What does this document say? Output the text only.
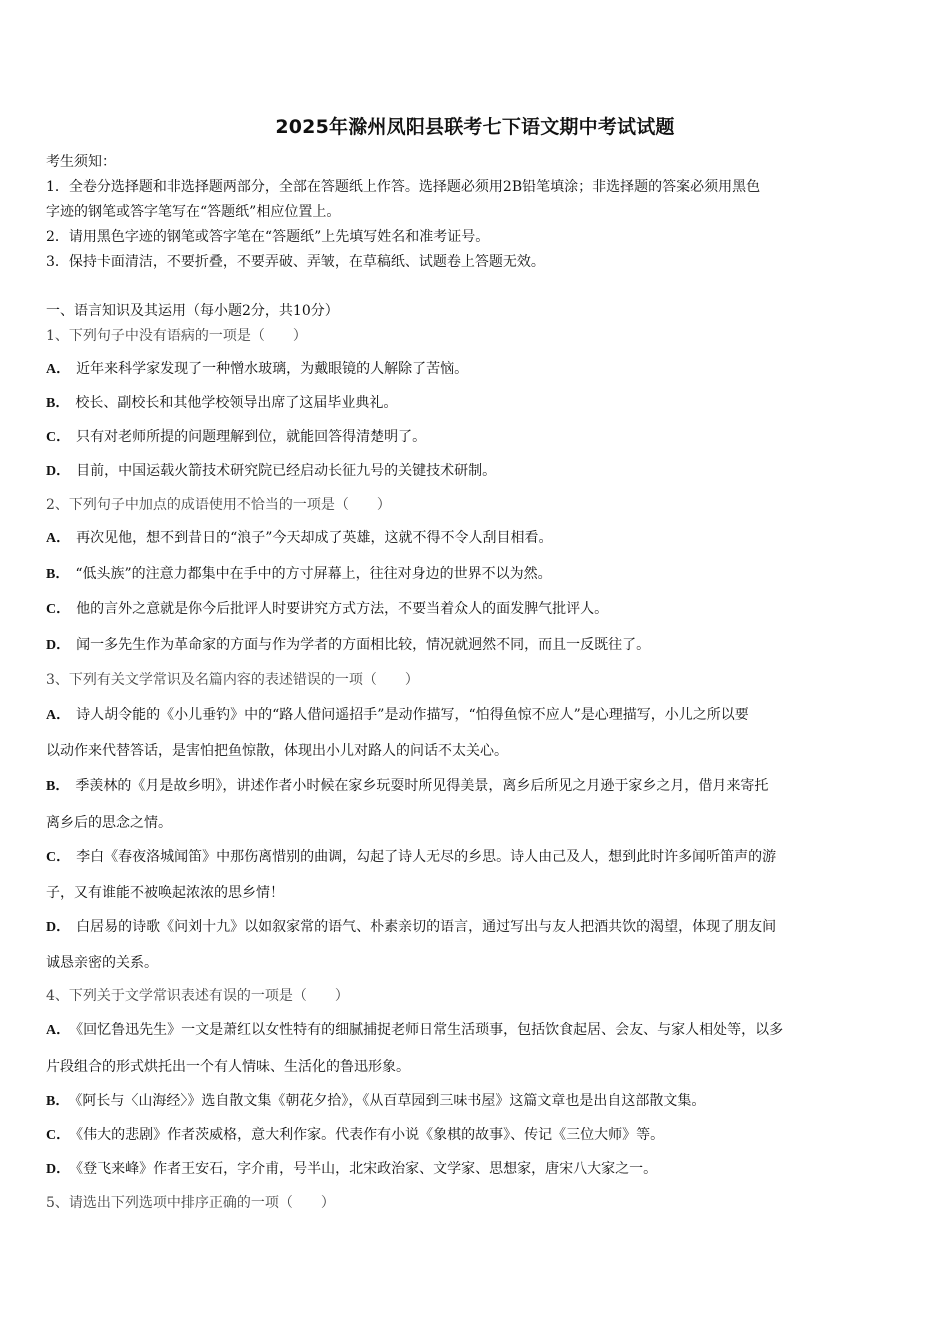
2025年滁州凤阳县联考七下语文期中考试试题
考生须知：
1．全卷分选择题和非选择题两部分，全部在答题纸上作答。选择题必须用2B铅笔填涂；非选择题的答案必须用黑色
字迹的钢笔或答字笔写在“答题纸”相应位置上。
2．请用黑色字迹的钢笔或答字笔在“答题纸”上先填写姓名和准考证号。
3．保持卡面清洁，不要折叠，不要弄破、弄皱，在草稿纸、试题卷上答题无效。
一、语言知识及其运用（每小题2分，共10分）
1、下列句子中没有语病的一项是（　　）
A． 近年来科学家发现了一种憎水玻璃，为戴眼镜的人解除了苦恼。
B． 校长、副校长和其他学校领导出席了这届毕业典礼。
C． 只有对老师所提的问题理解到位，就能回答得清楚明了。
D． 目前，中国运载火箭技术研究院已经启动长征九号的关键技术研制。
2、下列句子中加点的成语使用不恰当的一项是（　　）
A． 再次见他，想不到昔日的“浪子”今天却成了英雄，这就不得不令人刮目相看。
B． “低头族”的注意力都集中在手中的方寸屏幕上，往往对身边的世界不以为然。
C． 他的言外之意就是你今后批评人时要讲究方式方法，不要当着众人的面发脾气批评人。
D． 闻一多先生作为革命家的方面与作为学者的方面相比较，情况就迥然不同，而且一反既往了。
3、下列有关文学常识及名篇内容的表述错误的一项（　　）
A． 诗人胡令能的《小儿垂钓》中的“路人借问遥招手”是动作描写，“怕得鱼惊不应人”是心理描写，小儿之所以要
以动作来代替答话，是害怕把鱼惊散，体现出小儿对路人的问话不太关心。
B． 季羡林的《月是故乡明》，讲述作者小时候在家乡玩耍时所见得美景，离乡后所见之月逊于家乡之月，借月来寄托
离乡后的思念之情。
C． 李白《春夜洛城闻笛》中那伤离惜别的曲调，勾起了诗人无尽的乡思。诗人由己及人，想到此时许多闻听笛声的游
子，又有谁能不被唤起浓浓的思乡情！
D． 白居易的诗歌《问刘十九》以如叙家常的语气、朴素亲切的语言，通过写出与友人把酒共饮的渴望，体现了朋友间
诚恳亲密的关系。
4、下列关于文学常识表述有误的一项是（　　）
A． 《回忆鲁迅先生》一文是萧红以女性特有的细腻捕捉老师日常生活琐事，包括饮食起居、会友、与家人相处等，以多
片段组合的形式烘托出一个有人情味、生活化的鲁迅形象。
B． 《阿长与〈山海经〉》选自散文集《朝花夕拾》，《从百草园到三味书屋》这篇文章也是出自这部散文集。
C． 《伟大的悲剧》作者茨威格，意大利作家。代表作有小说《象棋的故事》、传记《三位大师》等。
D． 《登飞来峰》作者王安石，字介甫，号半山，北宋政治家、文学家、思想家，唐宋八大家之一。
5、请选出下列选项中排序正确的一项（　　）
